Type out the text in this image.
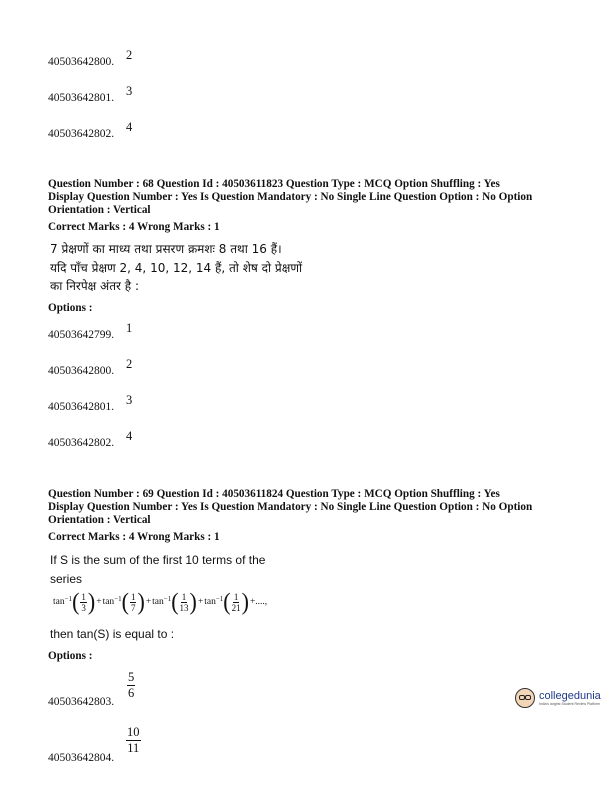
40503642800. 2
40503642801. 3
40503642802. 4
Question Number : 68 Question Id : 40503611823 Question Type : MCQ Option Shuffling : Yes
Display Question Number : Yes Is Question Mandatory : No Single Line Question Option : No Option
Orientation : Vertical
Correct Marks : 4 Wrong Marks : 1
7 प्रेक्षणों का माध्य तथा प्रसरण क्रमशः 8 तथा 16 हैं।
यदि पाँच प्रेक्षण 2, 4, 10, 12, 14 हैं, तो शेष दो प्रेक्षणों
का निरपेक्ष अंतर है :
Options :
40503642799. 1
40503642800. 2
40503642801. 3
40503642802. 4
Question Number : 69 Question Id : 40503611824 Question Type : MCQ Option Shuffling : Yes
Display Question Number : Yes Is Question Mandatory : No Single Line Question Option : No Option
Orientation : Vertical
Correct Marks : 4 Wrong Marks : 1
If S is the sum of the first 10 terms of the
series
tan −1 ( $\frac{1}{3}$ ) + tan −1 ( $\frac{1}{7}$ ) + tan −1 ( $\frac{1}{13}$ ) + tan −1 ( $\frac{1}{21}$ ) +....,
then tan(S) is equal to :
Options :
40503642803.
$\frac{5}{6}$
40503642804.
$\frac{10}{11}$
collegedunia
India's largest Student Review Platform
